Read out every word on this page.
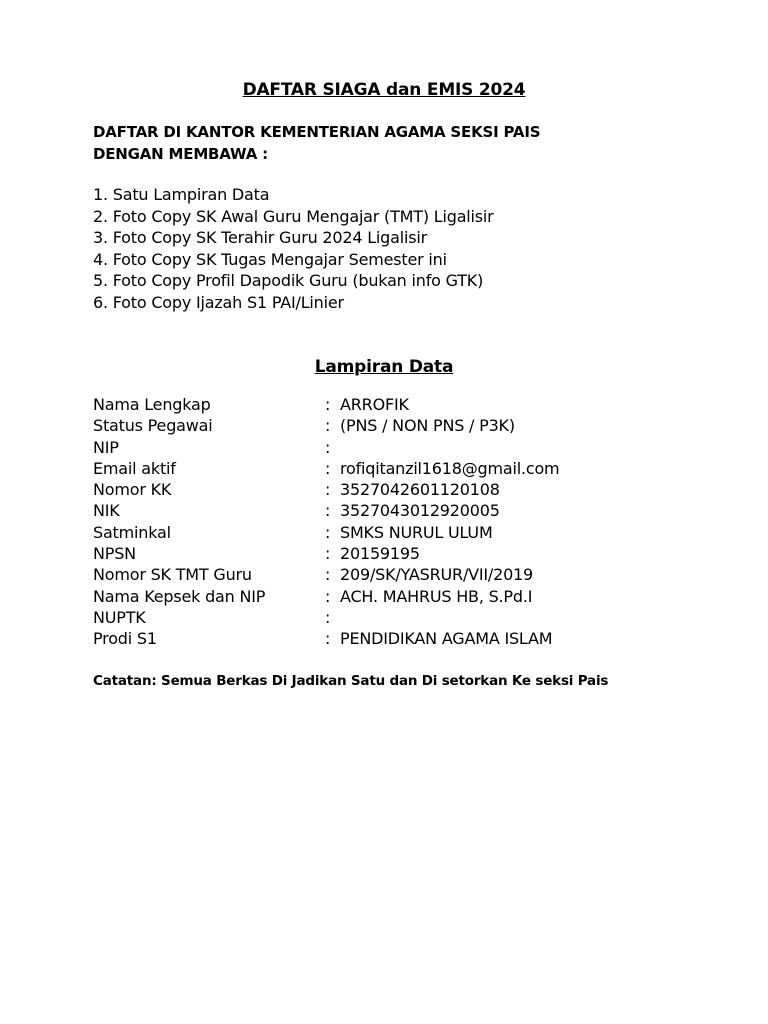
DAFTAR SIAGA dan EMIS 2024
DAFTAR DI KANTOR KEMENTERIAN AGAMA SEKSI PAIS
DENGAN MEMBAWA :
1. Satu Lampiran Data
2. Foto Copy SK Awal Guru Mengajar (TMT) Ligalisir
3. Foto Copy SK Terahir Guru 2024 Ligalisir
4. Foto Copy SK Tugas Mengajar Semester ini
5. Foto Copy Profil Dapodik Guru (bukan info GTK)
6. Foto Copy Ijazah S1 PAI/Linier
Lampiran Data
Nama Lengkap	: ARROFIK
Status Pegawai	: (PNS / NON PNS / P3K)
NIP	:
Email aktif	: rofiqitanzil1618@gmail.com
Nomor KK	: 3527042601120108
NIK	: 3527043012920005
Satminkal	: SMKS NURUL ULUM
NPSN	: 20159195
Nomor SK TMT Guru	: 209/SK/YASRUR/VII/2019
Nama Kepsek dan NIP	: ACH. MAHRUS HB, S.Pd.I
NUPTK	:
Prodi S1	: PENDIDIKAN AGAMA ISLAM
Catatan: Semua Berkas Di Jadikan Satu dan Di setorkan Ke seksi Pais
